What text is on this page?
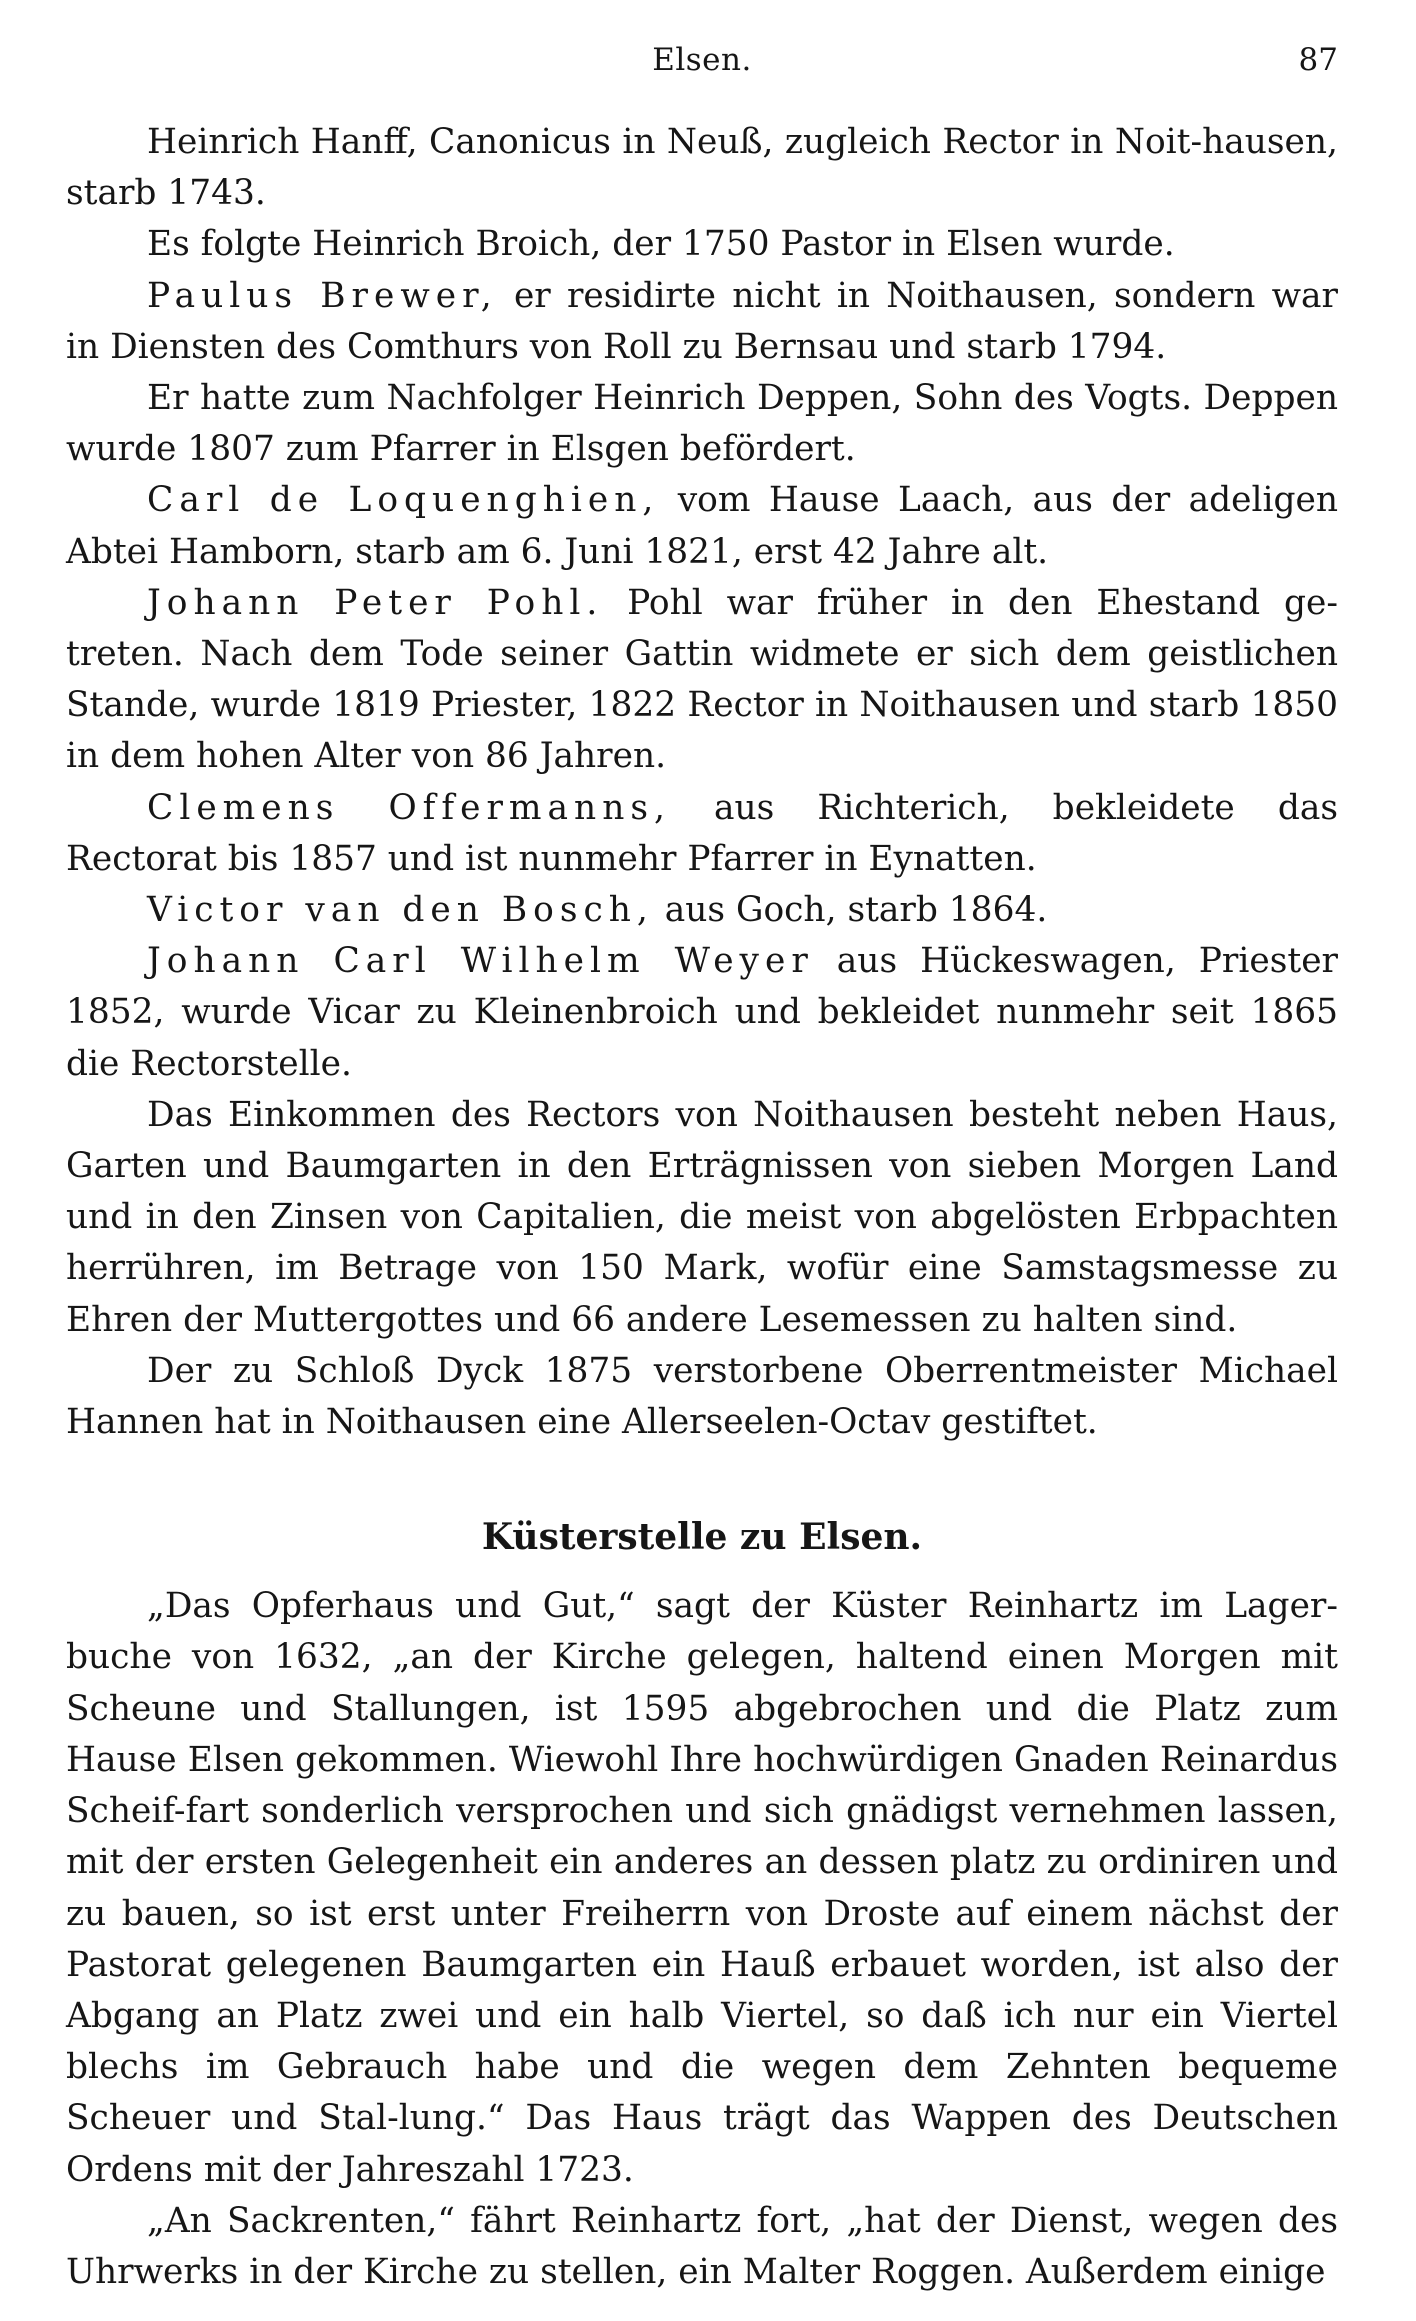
Elsen.	87

Heinrich Hanff, Canonicus in Neuß, zugleich Rector in Noit-hausen, starb 1743.

Es folgte Heinrich Broich, der 1750 Pastor in Elsen wurde.

Paulus Brewer, er residirte nicht in Noithausen, sondern war in Diensten des Comthurs von Roll zu Bernsau und starb 1794.

Er hatte zum Nachfolger Heinrich Deppen, Sohn des Vogts. Deppen wurde 1807 zum Pfarrer in Elsgen befördert.

Carl de Loquenghien, vom Hause Laach, aus der adeligen Abtei Hamborn, starb am 6. Juni 1821, erst 42 Jahre alt.

Johann Peter Pohl. Pohl war früher in den Ehestand ge-treten. Nach dem Tode seiner Gattin widmete er sich dem geistlichen Stande, wurde 1819 Priester, 1822 Rector in Noithausen und starb 1850 in dem hohen Alter von 86 Jahren.

Clemens Offermanns, aus Richterich, bekleidete das Rectorat bis 1857 und ist nunmehr Pfarrer in Eynatten.

Victor van den Bosch, aus Goch, starb 1864.

Johann Carl Wilhelm Weyer aus Hückeswagen, Priester 1852, wurde Vicar zu Kleinenbroich und bekleidet nunmehr seit 1865 die Rectorstelle.

Das Einkommen des Rectors von Noithausen besteht neben Haus, Garten und Baumgarten in den Erträgnissen von sieben Morgen Land und in den Zinsen von Capitalien, die meist von abgelösten Erbpachten herrühren, im Betrage von 150 Mark, wofür eine Samstagsmesse zu Ehren der Muttergottes und 66 andere Lesemessen zu halten sind.

Der zu Schloß Dyck 1875 verstorbene Oberrentmeister Michael Hannen hat in Noithausen eine Allerseelen-Octav gestiftet.

Küsterstelle zu Elsen.

„Das Opferhaus und Gut,“ sagt der Küster Reinhartz im Lager-buche von 1632, „an der Kirche gelegen, haltend einen Morgen mit Scheune und Stallungen, ist 1595 abgebrochen und die Platz zum Hause Elsen gekommen. Wiewohl Ihre hochwürdigen Gnaden Reinardus Scheif-fart sonderlich versprochen und sich gnädigst vernehmen lassen, mit der ersten Gelegenheit ein anderes an dessen platz zu ordiniren und zu bauen, so ist erst unter Freiherrn von Droste auf einem nächst der Pastorat gelegenen Baumgarten ein Hauß erbauet worden, ist also der Abgang an Platz zwei und ein halb Viertel, so daß ich nur ein Viertel blechs im Gebrauch habe und die wegen dem Zehnten bequeme Scheuer und Stal-lung.“ Das Haus trägt das Wappen des Deutschen Ordens mit der Jahreszahl 1723.

„An Sackrenten,“ fährt Reinhartz fort, „hat der Dienst, wegen des Uhrwerks in der Kirche zu stellen, ein Malter Roggen. Außerdem einige
